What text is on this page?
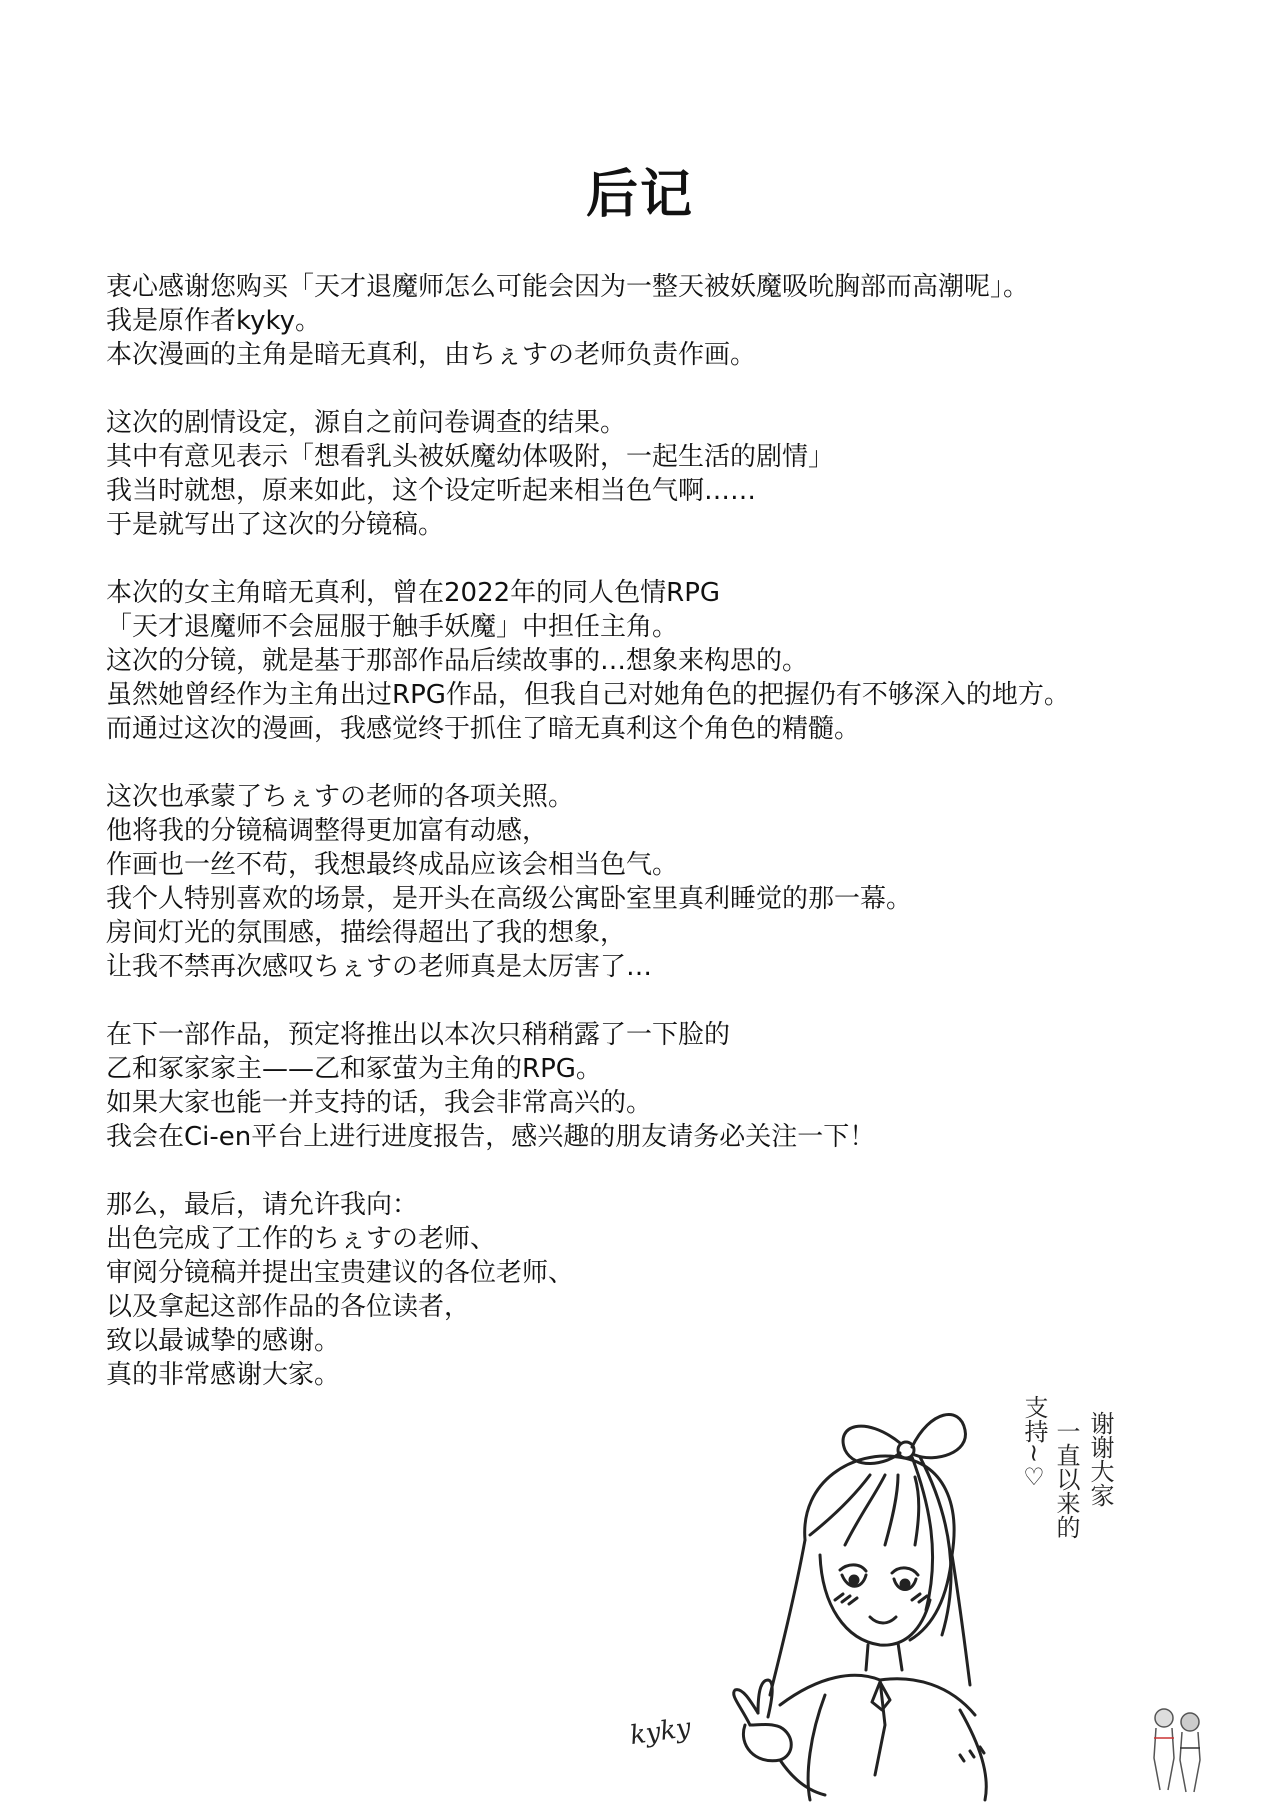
后记
衷心感谢您购买「天才退魔师怎么可能会因为一整天被妖魔吸吮胸部而高潮呢」。
我是原作者kyky。
本次漫画的主角是暗无真利，由ちぇすの老师负责作画。
这次的剧情设定，源自之前问卷调查的结果。
其中有意见表示「想看乳头被妖魔幼体吸附，一起生活的剧情」
我当时就想，原来如此，这个设定听起来相当色气啊……
于是就写出了这次的分镜稿。
本次的女主角暗无真利，曾在2022年的同人色情RPG
「天才退魔师不会屈服于触手妖魔」中担任主角。
这次的分镜，就是基于那部作品后续故事的…想象来构思的。
虽然她曾经作为主角出过RPG作品，但我自己对她角色的把握仍有不够深入的地方。
而通过这次的漫画，我感觉终于抓住了暗无真利这个角色的精髓。
这次也承蒙了ちぇすの老师的各项关照。
他将我的分镜稿调整得更加富有动感，
作画也一丝不苟，我想最终成品应该会相当色气。
我个人特别喜欢的场景，是开头在高级公寓卧室里真利睡觉的那一幕。
房间灯光的氛围感，描绘得超出了我的想象，
让我不禁再次感叹ちぇすの老师真是太厉害了…
在下一部作品，预定将推出以本次只稍稍露了一下脸的
乙和冢家家主——乙和冢萤为主角的RPG。
如果大家也能一并支持的话，我会非常高兴的。
我会在Ci-en平台上进行进度报告，感兴趣的朋友请务必关注一下！
那么，最后，请允许我向：
出色完成了工作的ちぇすの老师、
审阅分镜稿并提出宝贵建议的各位老师、
以及拿起这部作品的各位读者，
致以最诚挚的感谢。
真的非常感谢大家。
谢谢大家
一直以来的
支持~♡
kyky
